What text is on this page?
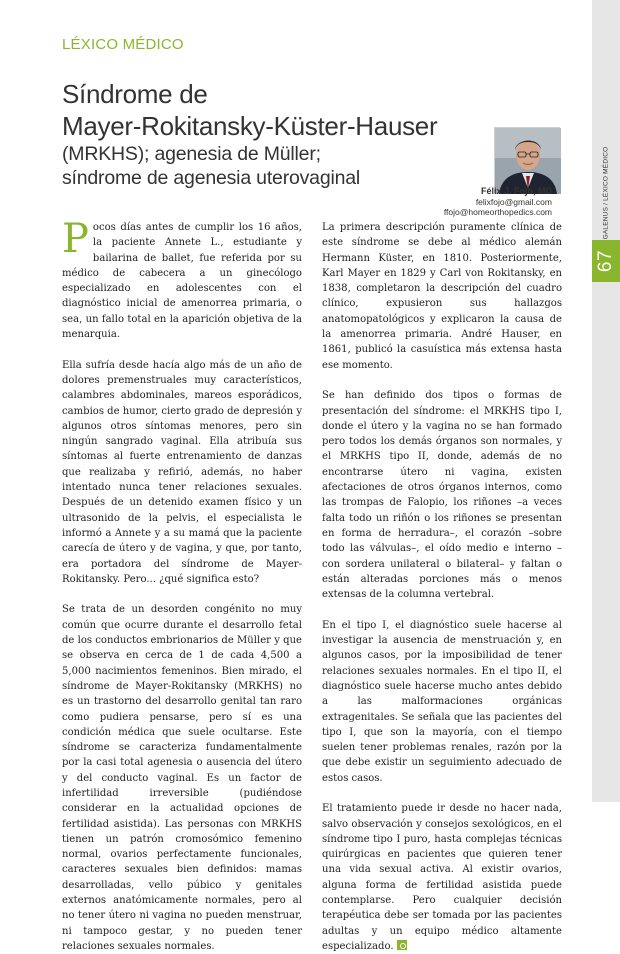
GALENUS / LÉXICO MÉDICO
67
LÉXICO MÉDICO
Síndrome de
Mayer-Rokitansky-Küster-Hauser
(MRKHS); agenesia de Müller;
síndrome de agenesia uterovaginal
Félix J. Fojo, MD
felixfojo@gmail.com
ffojo@homeorthopedics.com

Pocos días antes de cumplir los 16 años, la paciente Annete L., estudiante y bailarina de ballet, fue referida por su médico de cabecera a un ginecólogo especializado en adolescentes con el diagnóstico inicial de amenorrea primaria, o sea, un fallo total en la aparición objetiva de la menarquia.

Ella sufría desde hacía algo más de un año de dolores premenstruales muy característicos, calambres abdominales, mareos esporádicos, cambios de humor, cierto grado de depresión y algunos otros síntomas menores, pero sin ningún sangrado vaginal. Ella atribuía sus síntomas al fuerte entrenamiento de danzas que realizaba y refirió, además, no haber intentado nunca tener relaciones sexuales. Después de un detenido examen físico y un ultrasonido de la pelvis, el especialista le informó a Annete y a su mamá que la paciente carecía de útero y de vagina, y que, por tanto, era portadora del síndrome de Mayer-Rokitansky. Pero... ¿qué significa esto?

Se trata de un desorden congénito no muy común que ocurre durante el desarrollo fetal de los conductos embrionarios de Müller y que se observa en cerca de 1 de cada 4,500 a 5,000 nacimientos femeninos. Bien mirado, el síndrome de Mayer-Rokitansky (MRKHS) no es un trastorno del desarrollo genital tan raro como pudiera pensarse, pero sí es una condición médica que suele ocultarse. Este síndrome se caracteriza fundamentalmente por la casi total agenesia o ausencia del útero y del conducto vaginal. Es un factor de infertilidad irreversible (pudiéndose considerar en la actualidad opciones de fertilidad asistida). Las personas con MRKHS tienen un patrón cromosómico femenino normal, ovarios perfectamente funcionales, caracteres sexuales bien definidos: mamas desarrolladas, vello púbico y genitales externos anatómicamente normales, pero al no tener útero ni vagina no pueden menstruar, ni tampoco gestar, y no pueden tener relaciones sexuales normales.

La primera descripción puramente clínica de este síndrome se debe al médico alemán Hermann Küster, en 1810. Posteriormente, Karl Mayer en 1829 y Carl von Rokitansky, en 1838, completaron la descripción del cuadro clínico, expusieron sus hallazgos anatomopatológicos y explicaron la causa de la amenorrea primaria. André Hauser, en 1861, publicó la casuística más extensa hasta ese momento.

Se han definido dos tipos o formas de presentación del síndrome: el MRKHS tipo I, donde el útero y la vagina no se han formado pero todos los demás órganos son normales, y el MRKHS tipo II, donde, además de no encontrarse útero ni vagina, existen afectaciones de otros órganos internos, como las trompas de Falopio, los riñones –a veces falta todo un riñón o los riñones se presentan en forma de herradura–, el corazón –sobre todo las válvulas–, el oído medio e interno –con sordera unilateral o bilateral– y faltan o están alteradas porciones más o menos extensas de la columna vertebral.

En el tipo I, el diagnóstico suele hacerse al investigar la ausencia de menstruación y, en algunos casos, por la imposibilidad de tener relaciones sexuales normales. En el tipo II, el diagnóstico suele hacerse mucho antes debido a las malformaciones orgánicas extragenitales. Se señala que las pacientes del tipo I, que son la mayoría, con el tiempo suelen tener problemas renales, razón por la que debe existir un seguimiento adecuado de estos casos.

El tratamiento puede ir desde no hacer nada, salvo observación y consejos sexológicos, en el síndrome tipo I puro, hasta complejas técnicas quirúrgicas en pacientes que quieren tener una vida sexual activa. Al existir ovarios, alguna forma de fertilidad asistida puede contemplarse. Pero cualquier decisión terapéutica debe ser tomada por las pacientes adultas y un equipo médico altamente especializado.
